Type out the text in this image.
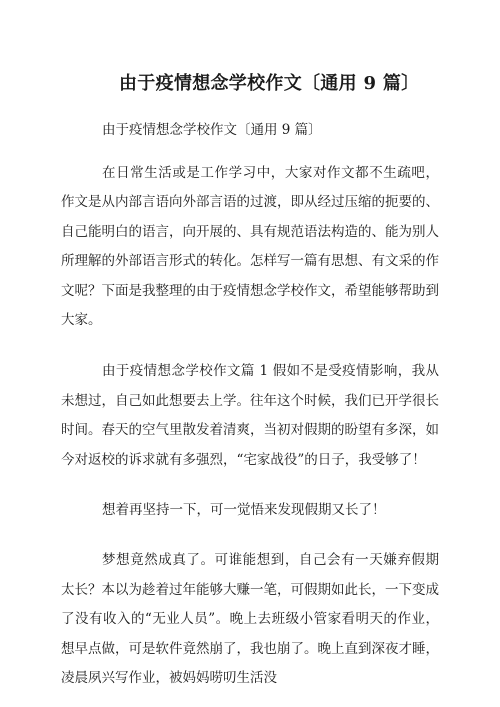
由于疫情想念学校作文〔通用 9 篇〕

由于疫情想念学校作文〔通用 9 篇〕

在日常生活或是工作学习中，大家对作文都不生疏吧，作文是从内部言语向外部言语的过渡，即从经过压缩的扼要的、自己能明白的语言，向开展的、具有规范语法构造的、能为别人所理解的外部语言形式的转化。怎样写一篇有思想、有文采的作文呢？下面是我整理的由于疫情想念学校作文，希望能够帮助到大家。

由于疫情想念学校作文篇 1 假如不是受疫情影响，我从未想过，自己如此想要去上学。往年这个时候，我们已开学很长时间。春天的空气里散发着清爽，当初对假期的盼望有多深，如今对返校的诉求就有多强烈，“宅家战役”的日子，我受够了！

想着再坚持一下，可一觉悟来发现假期又长了！

梦想竟然成真了。可谁能想到，自己会有一天嫌弃假期太长？本以为趁着过年能够大赚一笔，可假期如此长，一下变成了没有收入的“无业人员”。晚上去班级小管家看明天的作业，想早点做，可是软件竟然崩了，我也崩了。晚上直到深夜才睡，凌晨夙兴写作业，被妈妈唠叨生活没
